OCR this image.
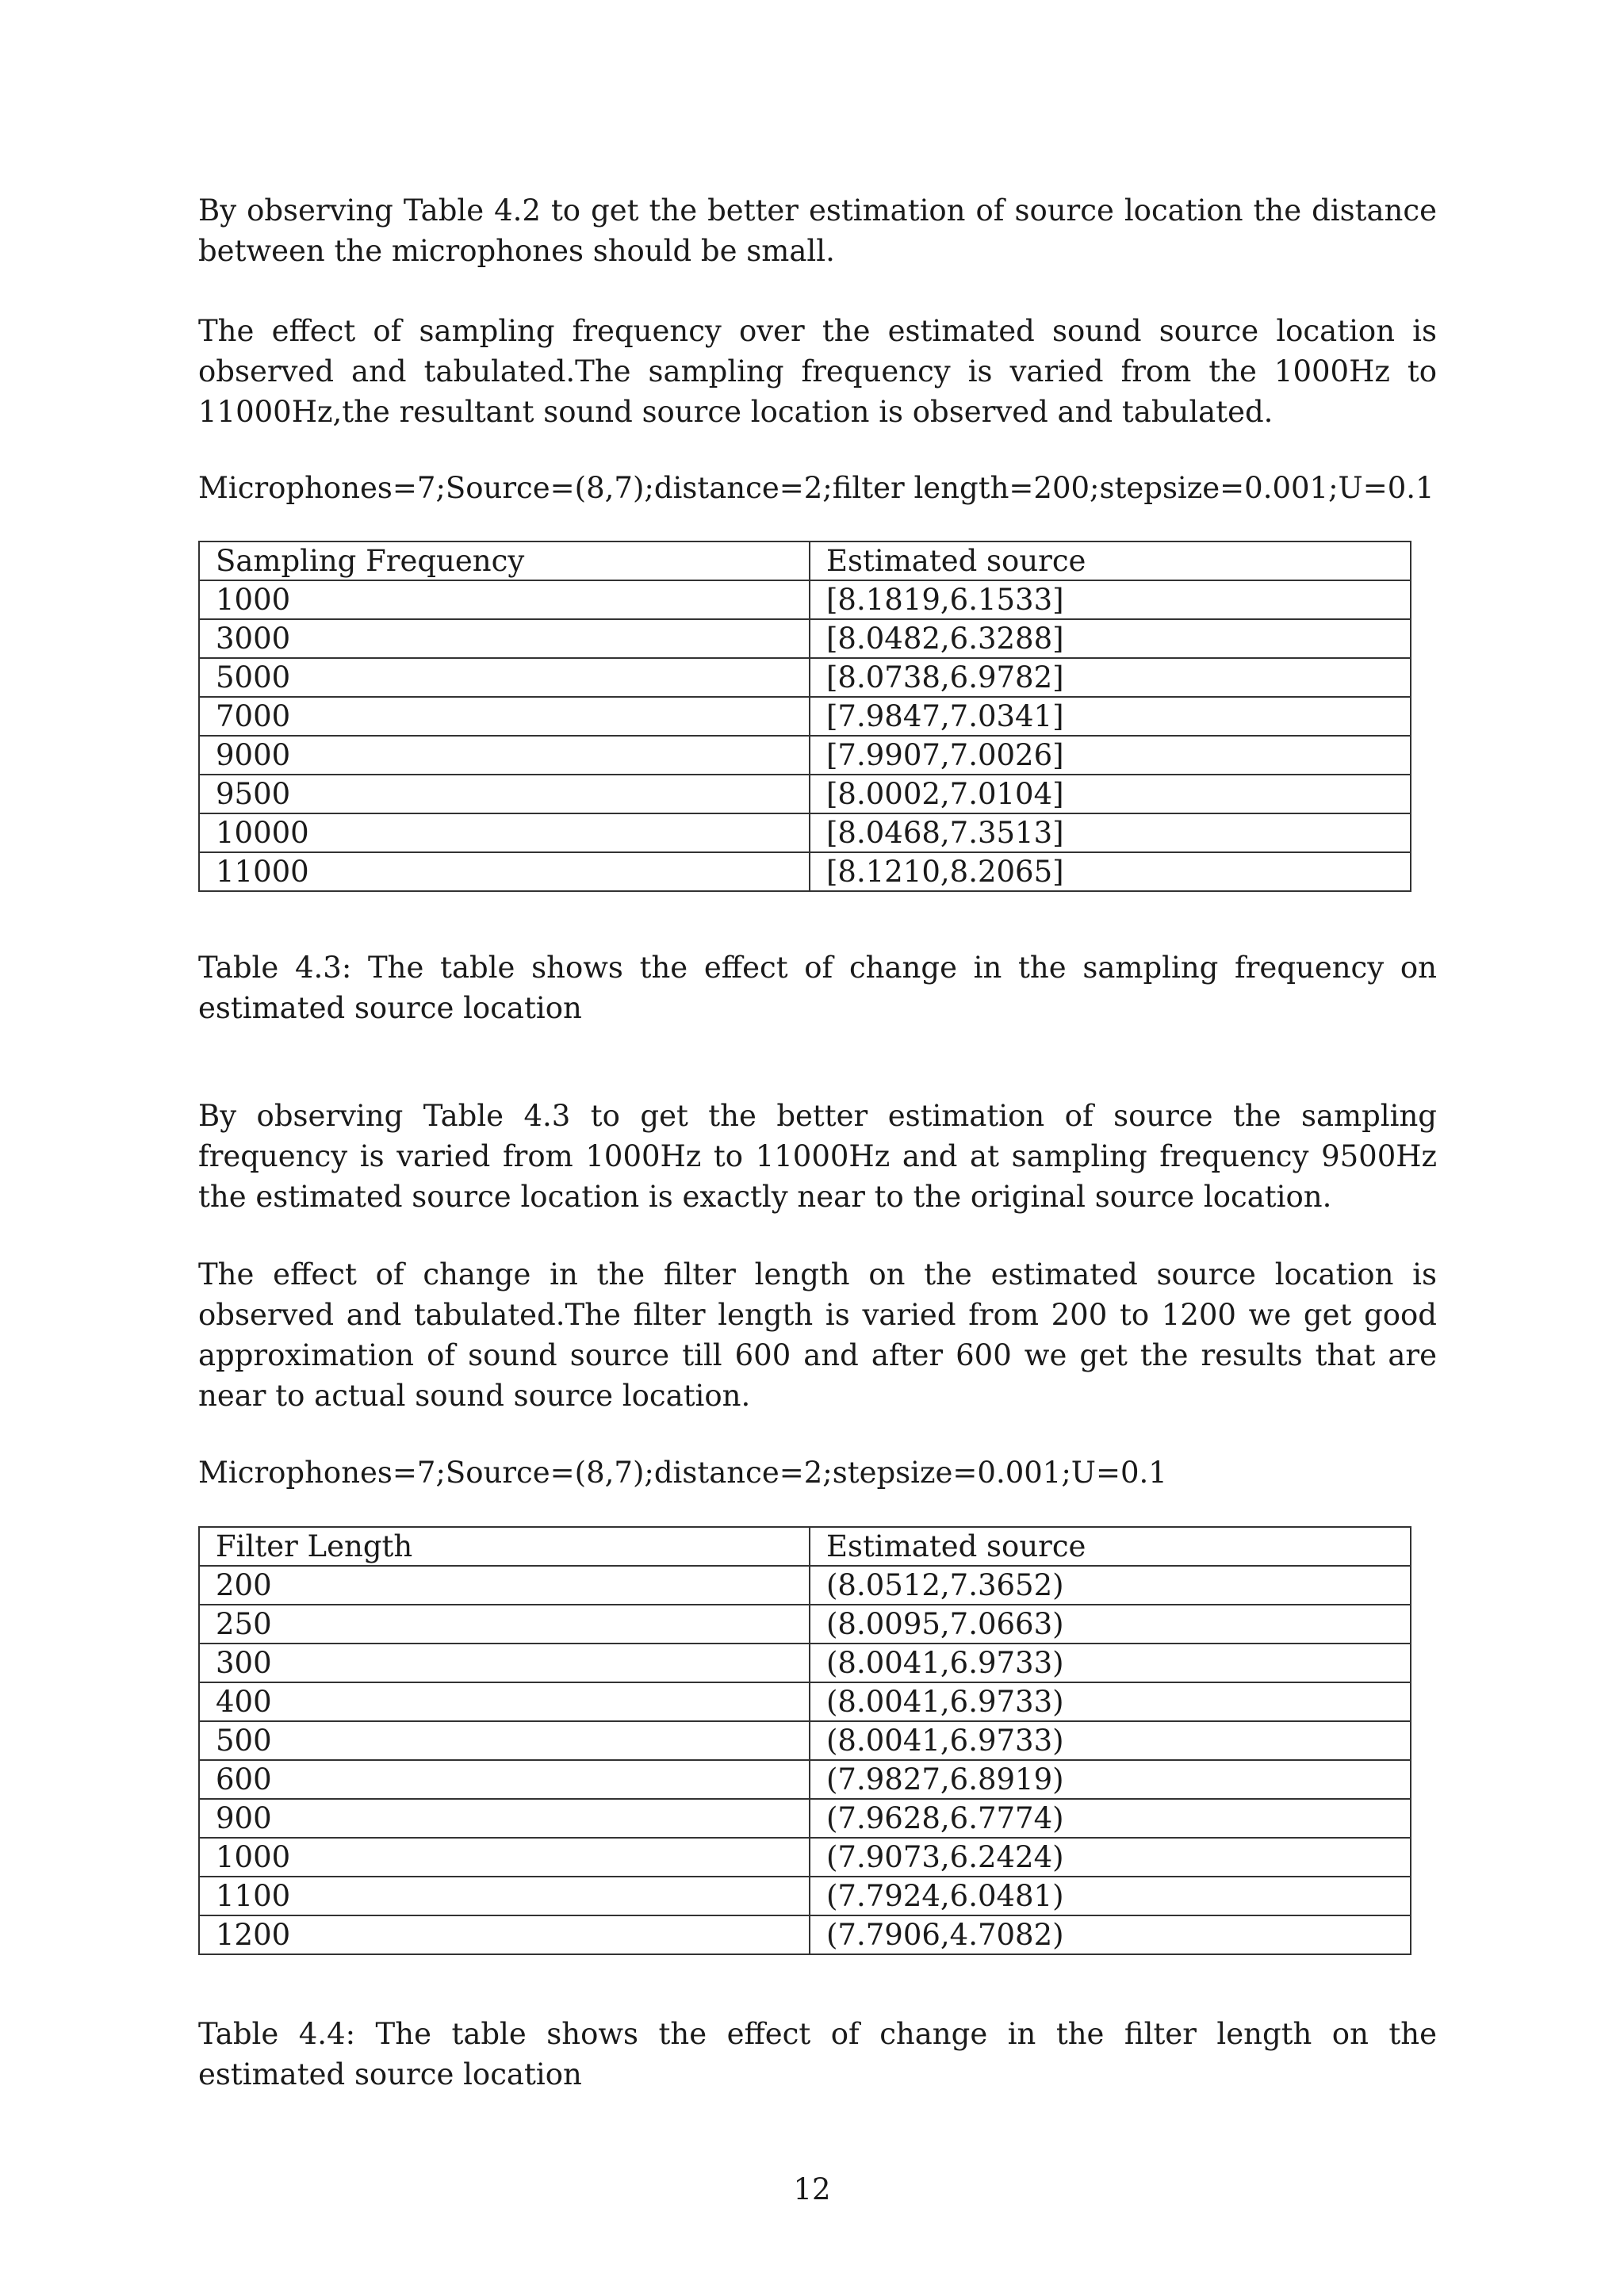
By observing Table 4.2 to get the better estimation of source location the distance between the microphones should be small.

The effect of sampling frequency over the estimated sound source location is observed and tabulated.The sampling frequency is varied from the 1000Hz to 11000Hz,the resultant sound source location is observed and tabulated.

Microphones=7;Source=(8,7);distance=2;filter length=200;stepsize=0.001;U=0.1

Sampling Frequency	Estimated source
1000	[8.1819,6.1533]
3000	[8.0482,6.3288]
5000	[8.0738,6.9782]
7000	[7.9847,7.0341]
9000	[7.9907,7.0026]
9500	[8.0002,7.0104]
10000	[8.0468,7.3513]
11000	[8.1210,8.2065]

Table 4.3: The table shows the effect of change in the sampling frequency on estimated source location

By observing Table 4.3 to get the better estimation of source the sampling frequency is varied from 1000Hz to 11000Hz and at sampling frequency 9500Hz the estimated source location is exactly near to the original source location.

The effect of change in the filter length on the estimated source location is observed and tabulated.The filter length is varied from 200 to 1200 we get good approximation of sound source till 600 and after 600 we get the results that are near to actual sound source location.

Microphones=7;Source=(8,7);distance=2;stepsize=0.001;U=0.1

Filter Length	Estimated source
200	(8.0512,7.3652)
250	(8.0095,7.0663)
300	(8.0041,6.9733)
400	(8.0041,6.9733)
500	(8.0041,6.9733)
600	(7.9827,6.8919)
900	(7.9628,6.7774)
1000	(7.9073,6.2424)
1100	(7.7924,6.0481)
1200	(7.7906,4.7082)

Table 4.4: The table shows the effect of change in the filter length on the estimated source location

12
